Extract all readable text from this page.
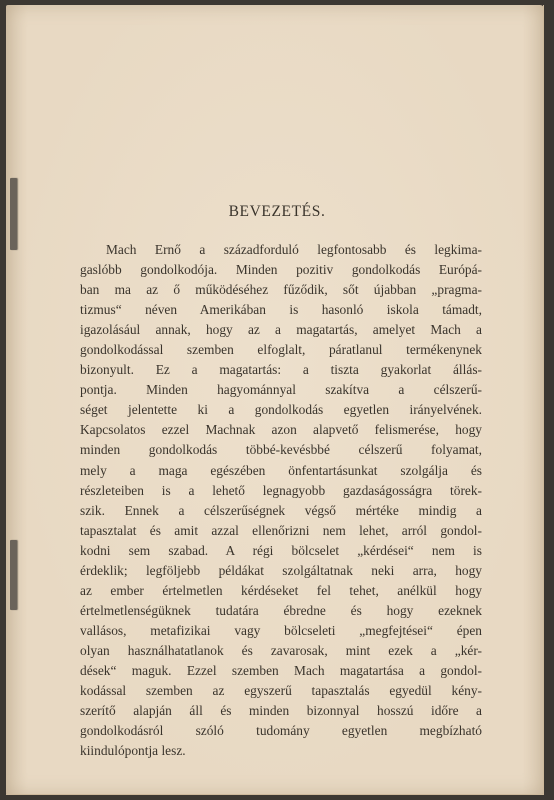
BEVEZETÉS.
Mach Ernő a századforduló legfontosabb és legkima-
gaslóbb gondolkodója. Minden pozitiv gondolkodás Európá-
ban ma az ő működéséhez fűződik, sőt újabban „pragma-
tizmus“ néven Amerikában is hasonló iskola támadt,
igazolásául annak, hogy az a magatartás, amelyet Mach a
gondolkodással szemben elfoglalt, páratlanul termékenynek
bizonyult. Ez a magatartás: a tiszta gyakorlat állás-
pontja. Minden hagyománnyal szakítva a célszerű-
séget jelentette ki a gondolkodás egyetlen irányelvének.
Kapcsolatos ezzel Machnak azon alapvető felismerése, hogy
minden gondolkodás többé-kevésbbé célszerű folyamat,
mely a maga egészében önfentartásunkat szolgálja és
részleteiben is a lehető legnagyobb gazdaságosságra törek-
szik. Ennek a célszerűségnek végső mértéke mindig a
tapasztalat és amit azzal ellenőrizni nem lehet, arról gondol-
kodni sem szabad. A régi bölcselet „kérdései“ nem is
érdeklik; legföljebb példákat szolgáltatnak neki arra, hogy
az ember értelmetlen kérdéseket fel tehet, anélkül hogy
értelmetlenségüknek tudatára ébredne és hogy ezeknek
valláso​s, metafizikai vagy bölcseleti „megfejtései“ épen
olyan használhatatlanok és zavarosak, mint ezek a „kér-
dések“ maguk. Ezzel szemben Mach magatartása a gondol-
kodással szemben az egyszerű tapasztalás egyedül kény-
szerítő alapján áll és minden bizonnyal hosszú időre a
gondolkodásról szóló tudomány egyetlen megbízható
kiindulópontja lesz.
